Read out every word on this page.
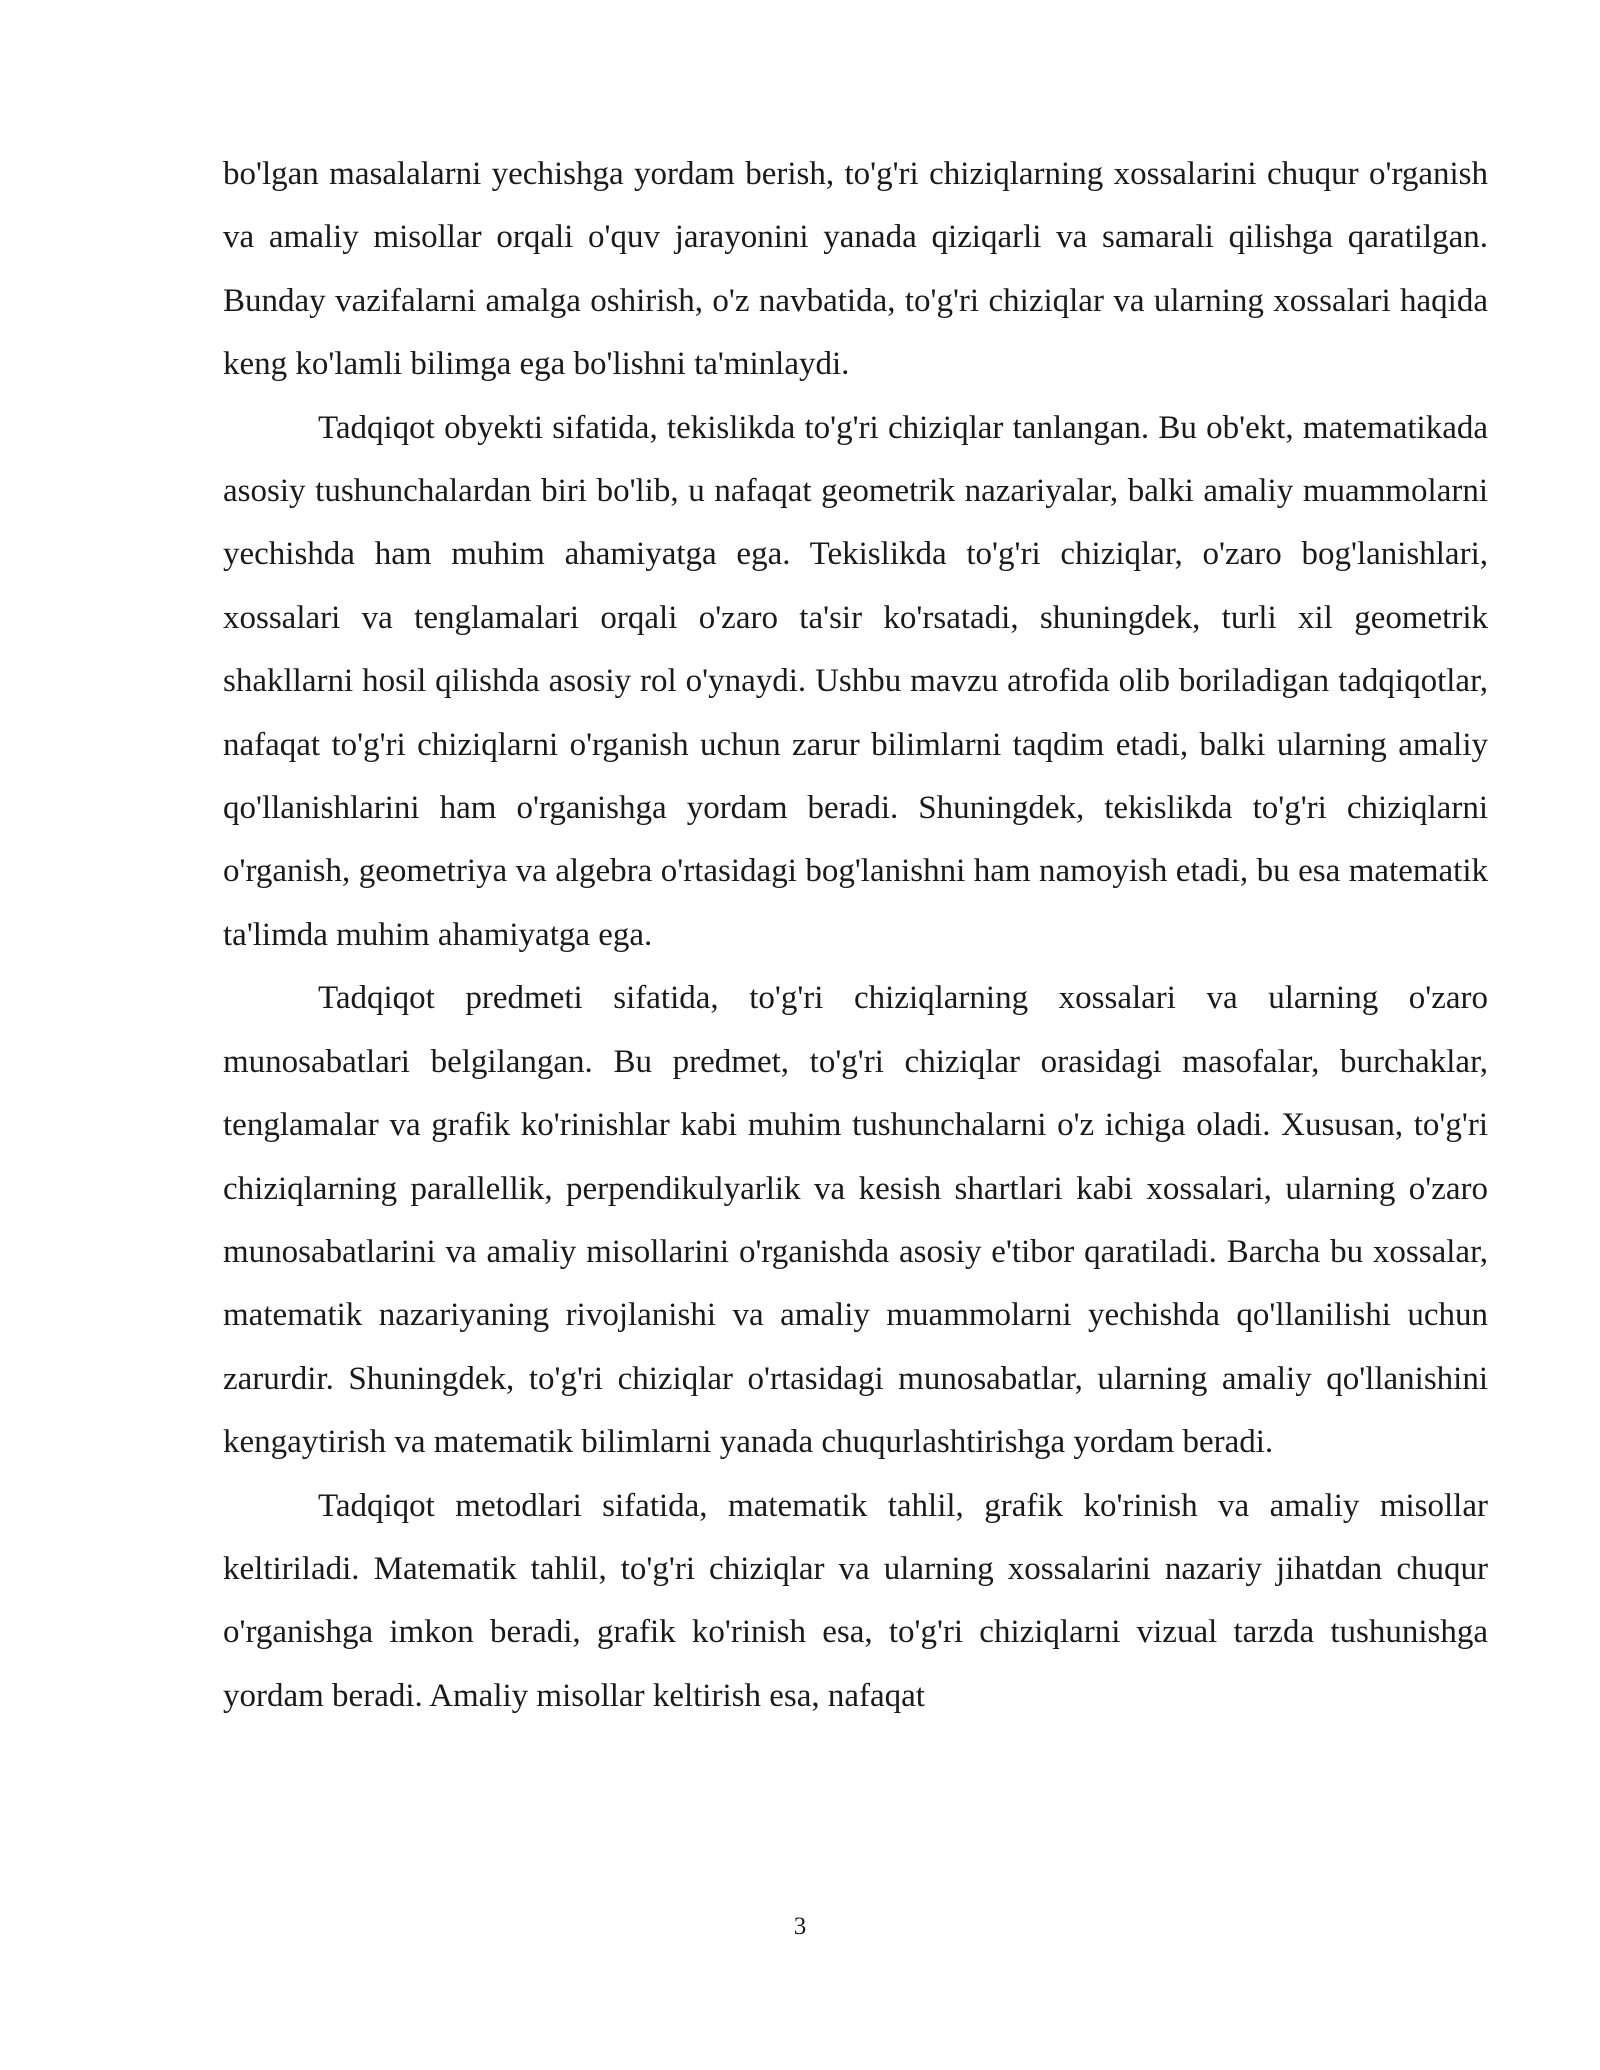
bo'lgan masalalarni yechishga yordam berish, to'g'ri chiziqlarning xossalarini chuqur o'rganish va amaliy misollar orqali o'quv jarayonini yanada qiziqarli va samarali qilishga qaratilgan. Bunday vazifalarni amalga oshirish, o'z navbatida, to'g'ri chiziqlar va ularning xossalari haqida keng ko'lamli bilimga ega bo'lishni ta'minlaydi.

Tadqiqot obyekti sifatida, tekislikda to'g'ri chiziqlar tanlangan. Bu ob'ekt, matematikada asosiy tushunchalardan biri bo'lib, u nafaqat geometrik nazariyalar, balki amaliy muammolarni yechishda ham muhim ahamiyatga ega. Tekislikda to'g'ri chiziqlar, o'zaro bog'lanishlari, xossalari va tenglamalari orqali o'zaro ta'sir ko'rsatadi, shuningdek, turli xil geometrik shakllarni hosil qilishda asosiy rol o'ynaydi. Ushbu mavzu atrofida olib boriladigan tadqiqotlar, nafaqat to'g'ri chiziqlarni o'rganish uchun zarur bilimlarni taqdim etadi, balki ularning amaliy qo'llanishlarini ham o'rganishga yordam beradi. Shuningdek, tekislikda to'g'ri chiziqlarni o'rganish, geometriya va algebra o'rtasidagi bog'lanishni ham namoyish etadi, bu esa matematik ta'limda muhim ahamiyatga ega.

Tadqiqot predmeti sifatida, to'g'ri chiziqlarning xossalari va ularning o'zaro munosabatlari belgilangan. Bu predmet, to'g'ri chiziqlar orasidagi masofalar, burchaklar, tenglamalar va grafik ko'rinishlar kabi muhim tushunchalarni o'z ichiga oladi. Xususan, to'g'ri chiziqlarning parallellik, perpendikulyarlik va kesish shartlari kabi xossalari, ularning o'zaro munosabatlarini va amaliy misollarini o'rganishda asosiy e'tibor qaratiladi. Barcha bu xossalar, matematik nazariyaning rivojlanishi va amaliy muammolarni yechishda qo'llanilishi uchun zarurdir. Shuningdek, to'g'ri chiziqlar o'rtasidagi munosabatlar, ularning amaliy qo'llanishini kengaytirish va matematik bilimlarni yanada chuqurlashtirishga yordam beradi.

Tadqiqot metodlari sifatida, matematik tahlil, grafik ko'rinish va amaliy misollar keltiriladi. Matematik tahlil, to'g'ri chiziqlar va ularning xossalarini nazariy jihatdan chuqur o'rganishga imkon beradi, grafik ko'rinish esa, to'g'ri chiziqlarni vizual tarzda tushunishga yordam beradi. Amaliy misollar keltirish esa, nafaqat

3
